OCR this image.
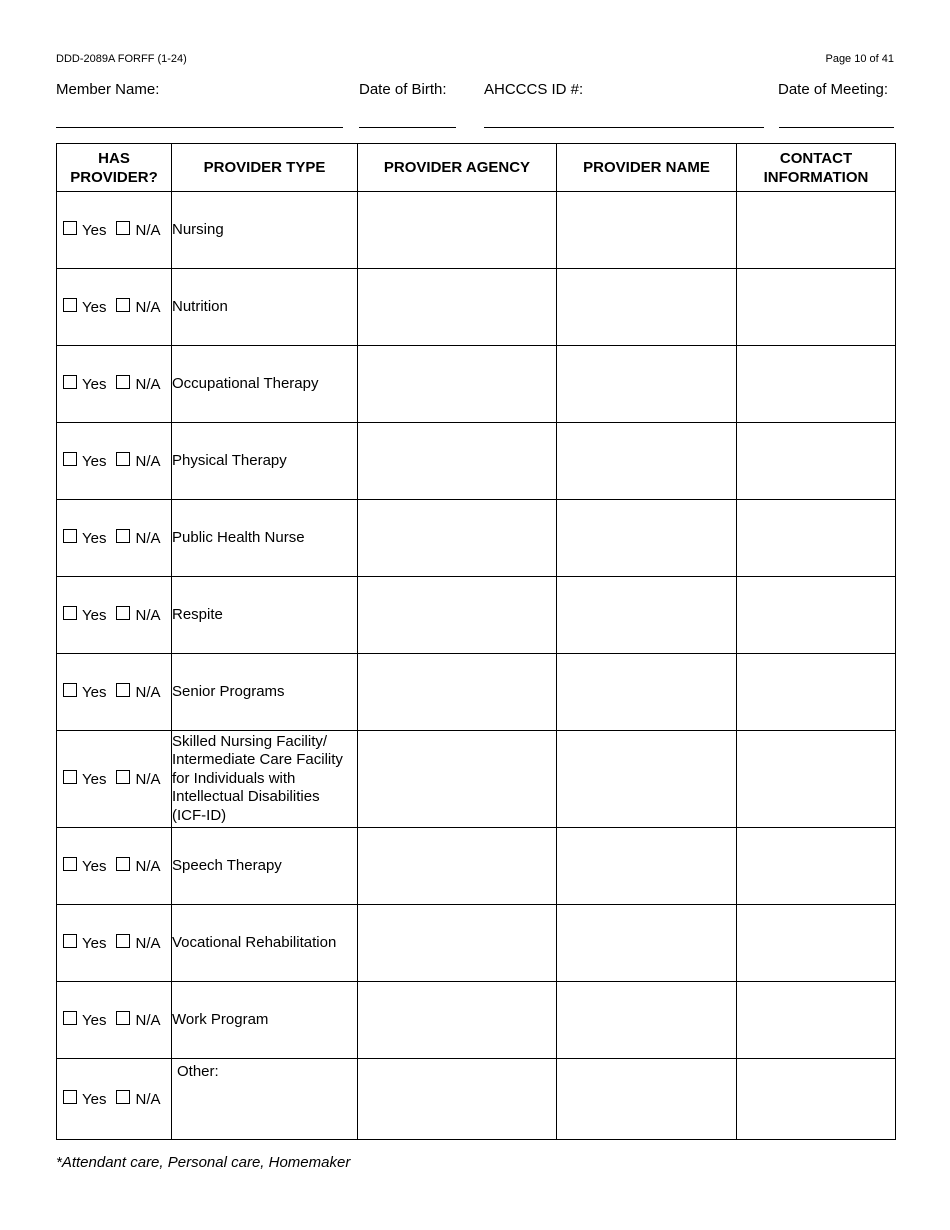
DDD-2089A FORFF (1-24)	Page 10 of 41
Member Name:	Date of Birth: AHCCCS ID #:	Date of Meeting:
HAS PROVIDER?	PROVIDER TYPE	PROVIDER AGENCY	PROVIDER NAME	CONTACT INFORMATION

Yes N/A	Nursing			

Yes N/A	Nutrition			

Yes N/A	Occupational Therapy			

Yes N/A	Physical Therapy			

Yes N/A	Public Health Nurse			

Yes N/A	Respite			

Yes N/A	Senior Programs			

Yes N/A	Skilled Nursing Facility/ Intermediate Care Facility for Individuals with Intellectual Disabilities (ICF-ID)			

Yes N/A	Speech Therapy			

Yes N/A	Vocational Rehabilitation			

Yes N/A	Work Program			

Yes N/A	Other:			
*Attendant care, Personal care, Homemaker
